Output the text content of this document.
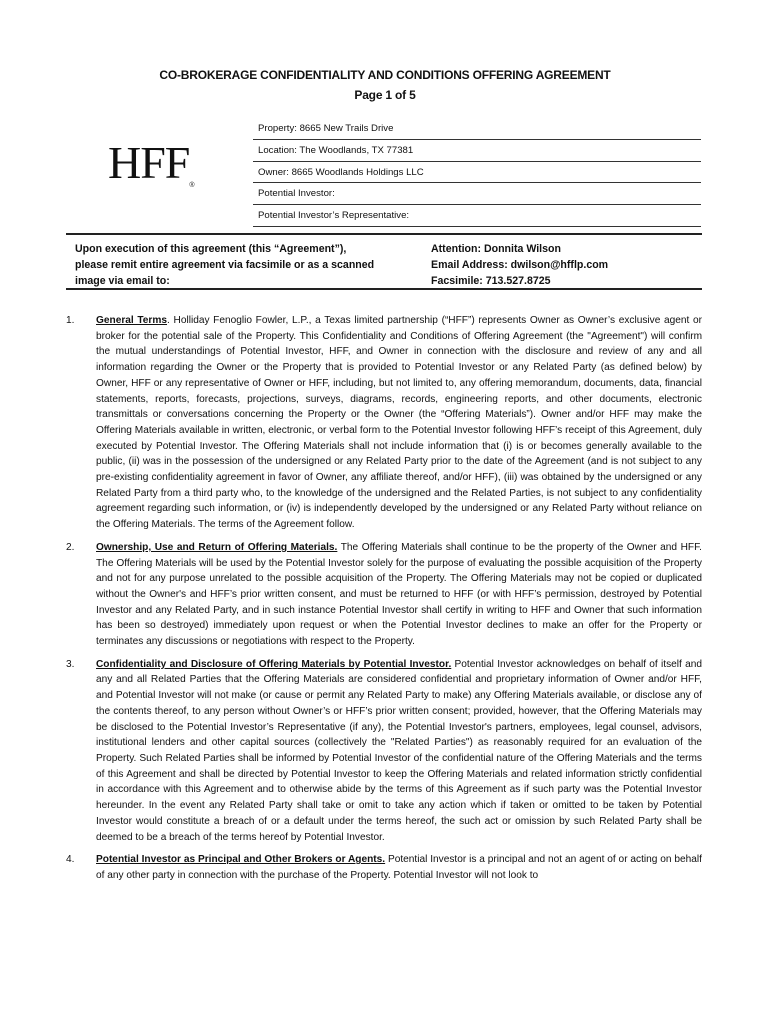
CO-BROKERAGE CONFIDENTIALITY AND CONDITIONS OFFERING AGREEMENT
Page 1 of 5
HFF®
Property: 8665 New Trails Drive
Location: The Woodlands, TX 77381
Owner: 8665 Woodlands Holdings LLC
Potential Investor:
Potential Investor’s Representative:
Upon execution of this agreement (this “Agreement”),
please remit entire agreement via facsimile or as a scanned
image via email to:
Attention: Donnita Wilson
Email Address: dwilson@hfflp.com
Facsimile: 713.527.8725
1. General Terms. Holliday Fenoglio Fowler, L.P., a Texas limited partnership (“HFF”) represents Owner as Owner’s exclusive agent or broker for the potential sale of the Property. This Confidentiality and Conditions of Offering Agreement (the "Agreement") will confirm the mutual understandings of Potential Investor, HFF, and Owner in connection with the disclosure and review of any and all information regarding the Owner or the Property that is provided to Potential Investor or any Related Party (as defined below) by Owner, HFF or any representative of Owner or HFF, including, but not limited to, any offering memorandum, documents, data, financial statements, reports, forecasts, projections, surveys, diagrams, records, engineering reports, and other documents, electronic transmittals or conversations concerning the Property or the Owner (the “Offering Materials”). Owner and/or HFF may make the Offering Materials available in written, electronic, or verbal form to the Potential Investor following HFF’s receipt of this Agreement, duly executed by Potential Investor. The Offering Materials shall not include information that (i) is or becomes generally available to the public, (ii) was in the possession of the undersigned or any Related Party prior to the date of the Agreement (and is not subject to any pre-existing confidentiality agreement in favor of Owner, any affiliate thereof, and/or HFF), (iii) was obtained by the undersigned or any Related Party from a third party who, to the knowledge of the undersigned and the Related Parties, is not subject to any confidentiality agreement regarding such information, or (iv) is independently developed by the undersigned or any Related Party without reliance on the Offering Materials. The terms of the Agreement follow.
2. Ownership, Use and Return of Offering Materials. The Offering Materials shall continue to be the property of the Owner and HFF. The Offering Materials will be used by the Potential Investor solely for the purpose of evaluating the possible acquisition of the Property and not for any purpose unrelated to the possible acquisition of the Property. The Offering Materials may not be copied or duplicated without the Owner's and HFF’s prior written consent, and must be returned to HFF (or with HFF’s permission, destroyed by Potential Investor and any Related Party, and in such instance Potential Investor shall certify in writing to HFF and Owner that such information has been so destroyed) immediately upon request or when the Potential Investor declines to make an offer for the Property or terminates any discussions or negotiations with respect to the Property.
3. Confidentiality and Disclosure of Offering Materials by Potential Investor. Potential Investor acknowledges on behalf of itself and any and all Related Parties that the Offering Materials are considered confidential and proprietary information of Owner and/or HFF, and Potential Investor will not make (or cause or permit any Related Party to make) any Offering Materials available, or disclose any of the contents thereof, to any person without Owner’s or HFF’s prior written consent; provided, however, that the Offering Materials may be disclosed to the Potential Investor’s Representative (if any), the Potential Investor's partners, employees, legal counsel, advisors, institutional lenders and other capital sources (collectively the "Related Parties") as reasonably required for an evaluation of the Property. Such Related Parties shall be informed by Potential Investor of the confidential nature of the Offering Materials and the terms of this Agreement and shall be directed by Potential Investor to keep the Offering Materials and related information strictly confidential in accordance with this Agreement and to otherwise abide by the terms of this Agreement as if such party was the Potential Investor hereunder. In the event any Related Party shall take or omit to take any action which if taken or omitted to be taken by Potential Investor would constitute a breach of or a default under the terms hereof, the such act or omission by such Related Party shall be deemed to be a breach of the terms hereof by Potential Investor.
4. Potential Investor as Principal and Other Brokers or Agents. Potential Investor is a principal and not an agent of or acting on behalf of any other party in connection with the purchase of the Property. Potential Investor will not look to
